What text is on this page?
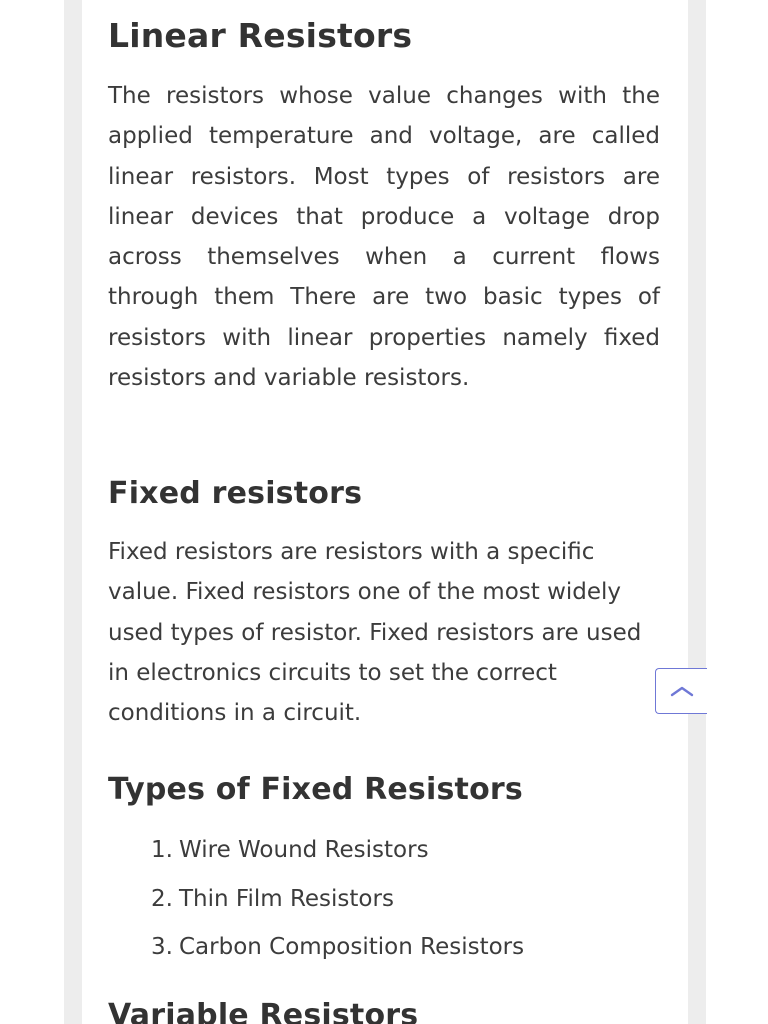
Linear Resistors

The resistors whose value changes with the applied temperature and voltage, are called linear resistors. Most types of resistors are linear devices that produce a voltage drop across themselves when a current flows through them There are two basic types of resistors with linear properties namely fixed resistors and variable resistors.

Fixed resistors

Fixed resistors are resistors with a specific value. Fixed resistors one of the most widely used types of resistor. Fixed resistors are used in electronics circuits to set the correct conditions in a circuit.

Types of Fixed Resistors
1. Wire Wound Resistors
2. Thin Film Resistors
3. Carbon Composition Resistors
Variable Resistors
